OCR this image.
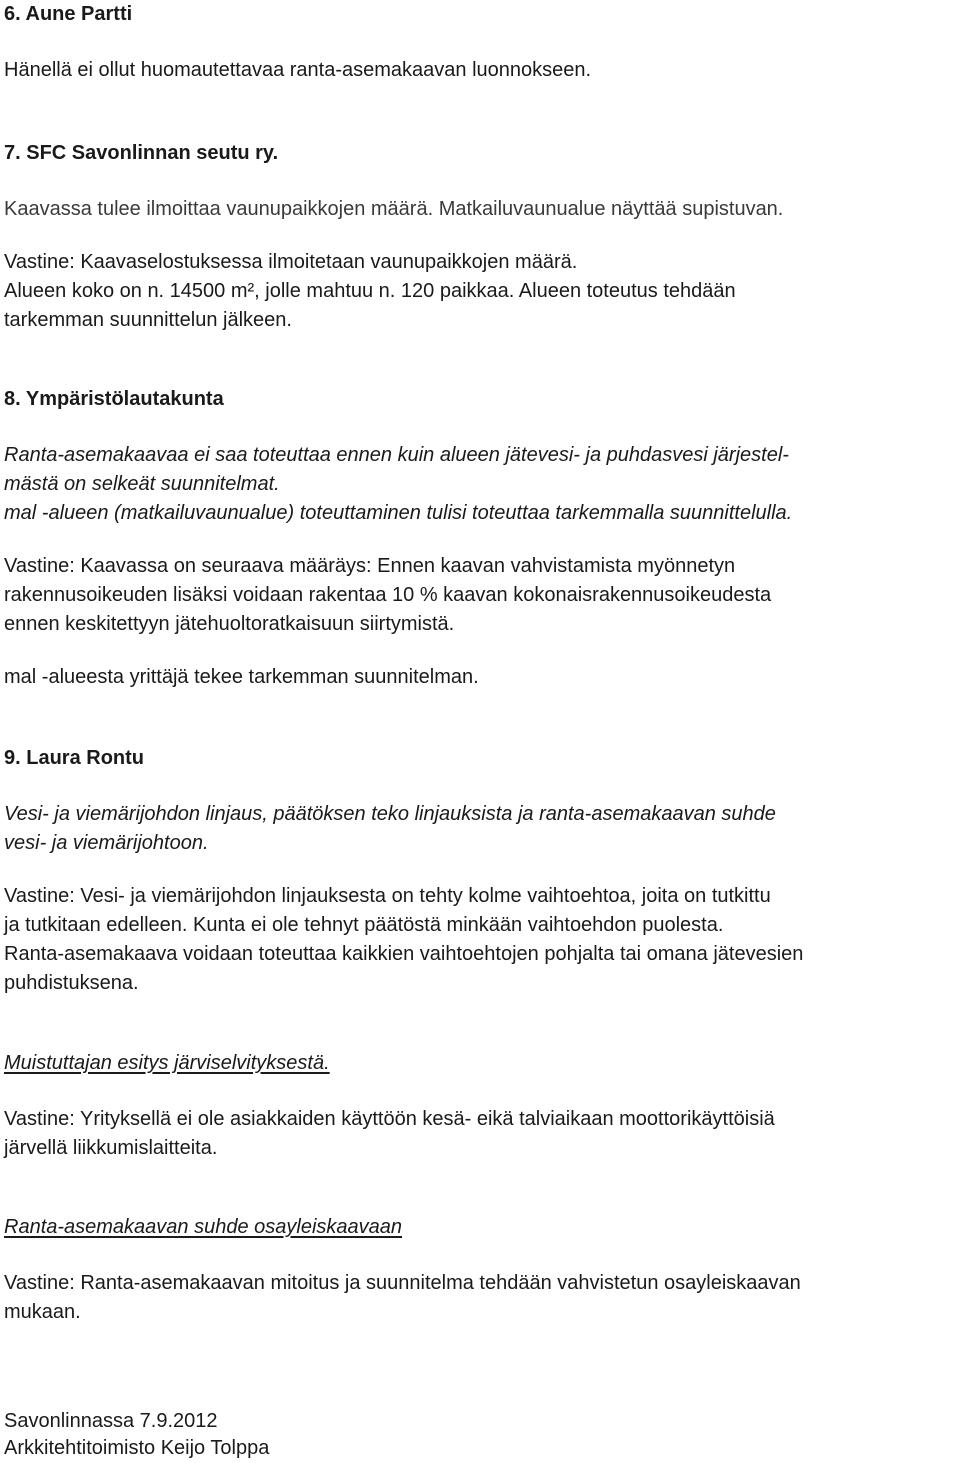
6. Aune Partti

Hänellä ei ollut huomautettavaa ranta-asemakaavan luonnokseen.

7. SFC Savonlinnan seutu ry.

Kaavassa tulee ilmoittaa vaunupaikkojen määrä. Matkailuvaunualue näyttää supistuvan.

Vastine: Kaavaselostuksessa ilmoitetaan vaunupaikkojen määrä.

Alueen koko on n. 14500 m², jolle mahtuu n. 120 paikkaa. Alueen toteutus tehdään

tarkemman suunnittelun jälkeen.

8. Ympäristölautakunta

Ranta-asemakaavaa ei saa toteuttaa ennen kuin alueen jätevesi- ja puhdasvesi järjestel-

mästä on selkeät suunnitelmat.

mal -alueen (matkailuvaunualue) toteuttaminen tulisi toteuttaa tarkemmalla suunnittelulla.

Vastine: Kaavassa on seuraava määräys: Ennen kaavan vahvistamista myönnetyn

rakennusoikeuden lisäksi voidaan rakentaa 10 % kaavan kokonaisrakennusoikeudesta

ennen keskitettyyn jätehuoltoratkaisuun siirtymistä.

mal -alueesta yrittäjä tekee tarkemman suunnitelman.

9. Laura Rontu

Vesi- ja viemärijohdon linjaus, päätöksen teko linjauksista ja ranta-asemakaavan suhde

vesi- ja viemärijohtoon.

Vastine: Vesi- ja viemärijohdon linjauksesta on tehty kolme vaihtoehtoa, joita on tutkittu

ja tutkitaan edelleen. Kunta ei ole tehnyt päätöstä minkään vaihtoehdon puolesta.

Ranta-asemakaava voidaan toteuttaa kaikkien vaihtoehtojen pohjalta tai omana jätevesien

puhdistuksena.

Muistuttajan esitys järviselvityksestä.

Vastine: Yrityksellä ei ole asiakkaiden käyttöön kesä- eikä talviaikaan moottorikäyttöisiä

järvellä liikkumislaitteita.

Ranta-asemakaavan suhde osayleiskaavaan

Vastine: Ranta-asemakaavan mitoitus ja suunnitelma tehdään vahvistetun osayleiskaavan

mukaan.

Savonlinnassa 7.9.2012

Arkkitehtitoimisto Keijo Tolppa
